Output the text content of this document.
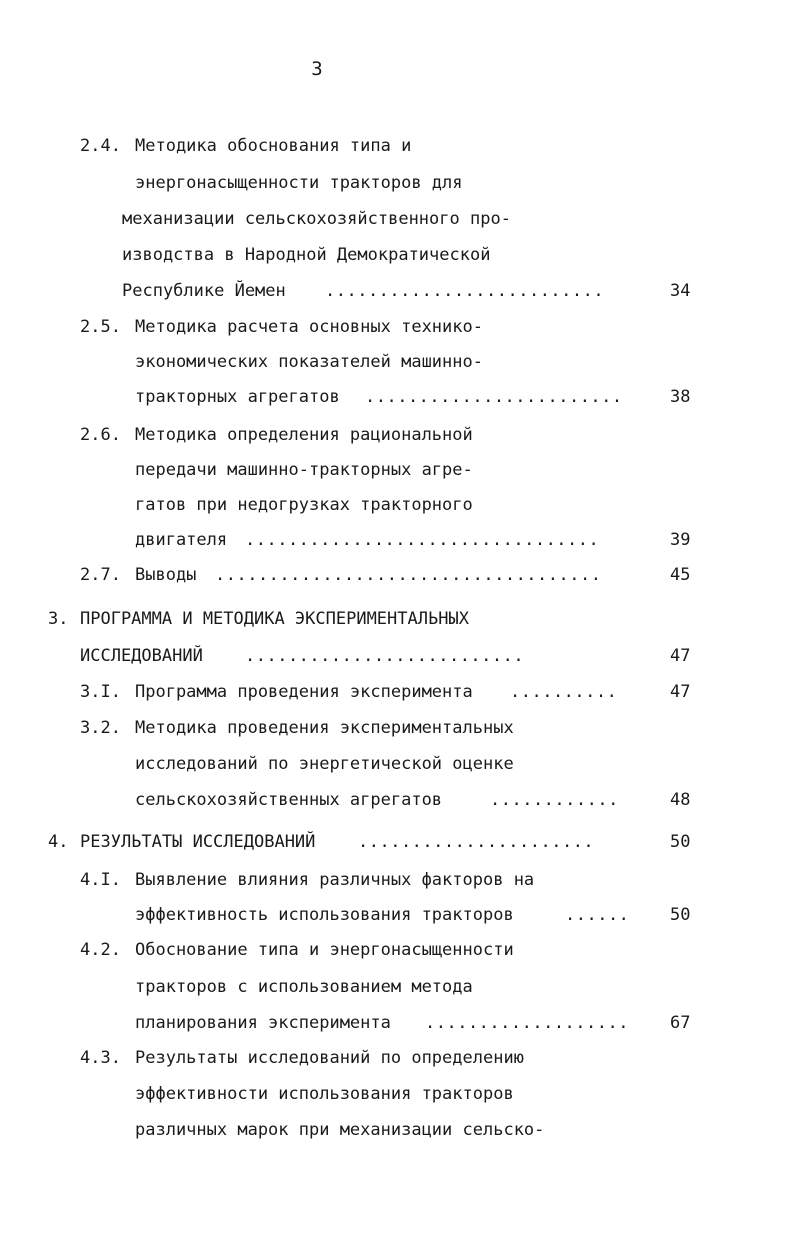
3
2.4. Методика обоснования типа и
энергонасыщенности тракторов для
механизации сельскохозяйственного про-
изводства в Народной Демократической
Республике Йемен ..........................	34
2.5. Методика расчета основных технико-
экономических показателей машинно-
тракторных агрегатов ........................	38
2.6. Методика определения рациональной
передачи машинно-тракторных агре-
гатов при недогрузках тракторного
двигателя .................................	39
2.7. Выводы ....................................	45
3. ПРОГРАММА И МЕТОДИКА ЭКСПЕРИМЕНТАЛЬНЫХ
ИССЛЕДОВАНИЙ ..........................	47
3.I. Программа проведения эксперимента ..........	47
3.2. Методика проведения экспериментальных
исследований по энергетической оценке
сельскохозяйственных агрегатов	............	48
4. РЕЗУЛЬТАТЫ ИССЛЕДОВАНИЙ	......................	50
4.I. Выявление влияния различных факторов на
эффективность использования тракторов	...... 50
4.2. Обоснование типа и энергонасыщенности
тракторов с использованием метода
планирования эксперимента ................... 67
4.3. Результаты исследований по определению
эффективности использования тракторов
различных марок при механизации сельско-
